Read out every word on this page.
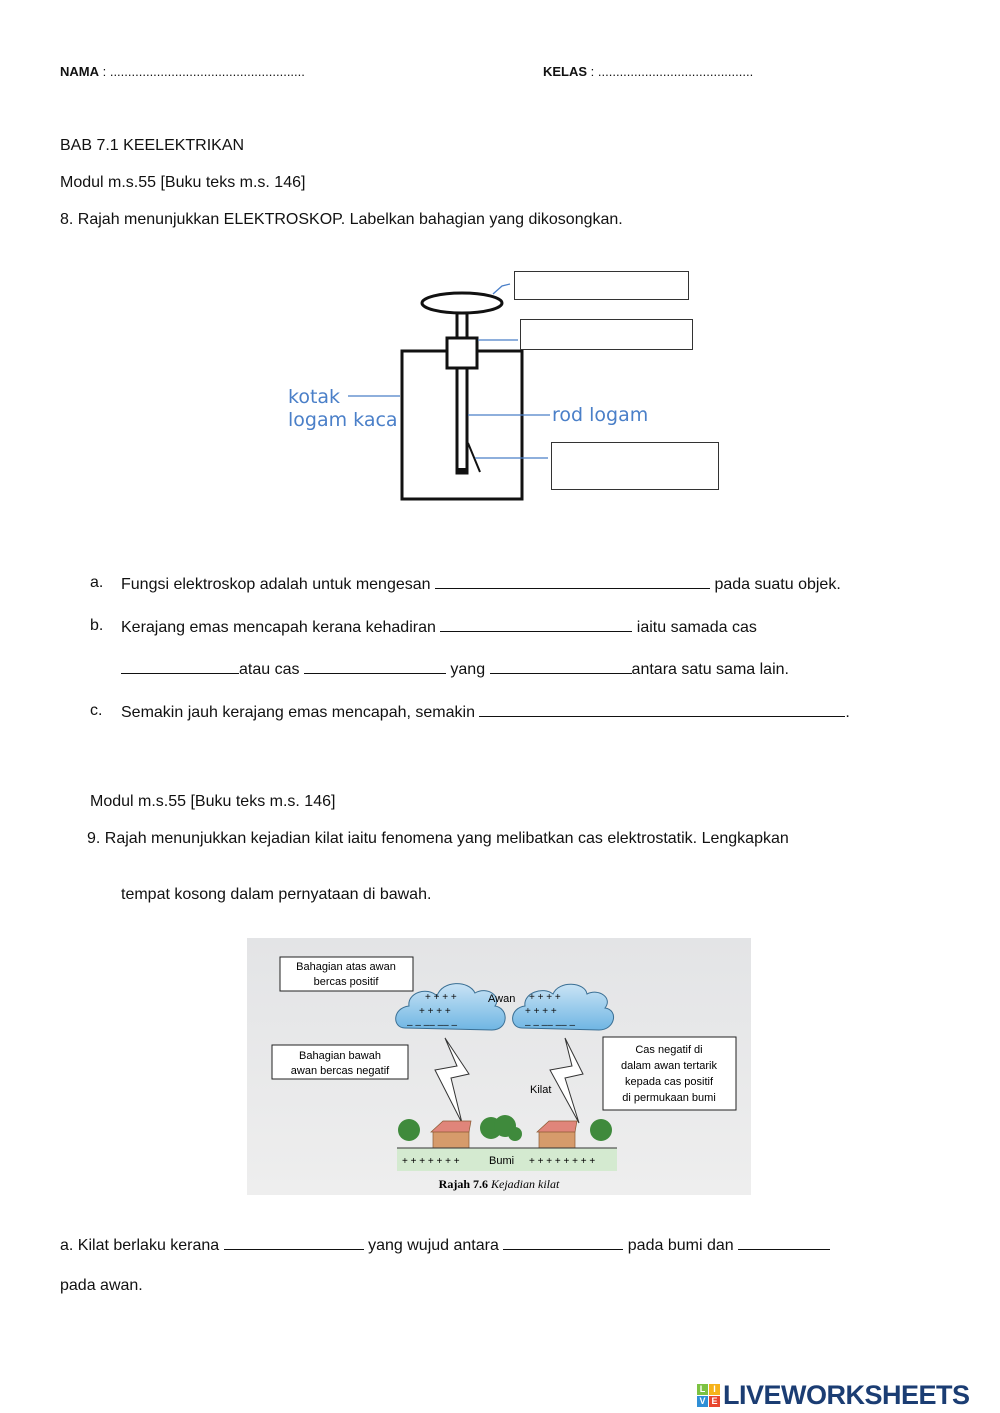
NAMA : ......................................................	KELAS : ...........................................
BAB 7.1 KEELEKTRIKAN
Modul m.s.55 [Buku teks m.s. 146]
8. Rajah menunjukkan ELEKTROSKOP. Labelkan bahagian yang dikosongkan.
kotak
logam kaca	rod logam
a. Fungsi elektroskop adalah untuk mengesan	pada suatu objek.
b. Kerajang emas mencapah kerana kehadiran	iaitu samada cas
atau cas	yang	antara satu sama lain.
c. Semakin jauh kerajang emas mencapah, semakin	.
Modul m.s.55 [Buku teks m.s. 146]
9. Rajah menunjukkan kejadian kilat iaitu fenomena yang melibatkan cas elektrostatik. Lengkapkan
tempat kosong dalam pernyataan di bawah.
+ + + +
+ + + +
+ + + +
+ + + +
– – –– –– –	– – –– –– –
+ + + + + + +	+ + + + + + + +
Bumi
Awan
Kilat
Bahagian atas awan
bercas positif
Bahagian bawah
awan bercas negatif
Cas negatif di
dalam awan tertarik
kepada cas positif
di permukaan bumi
Rajah 7.6 Kejadian kilat
a. Kilat berlaku kerana	yang wujud antara	pada bumi dan
pada awan.
L I
V E LIVEWORKSHEETS
